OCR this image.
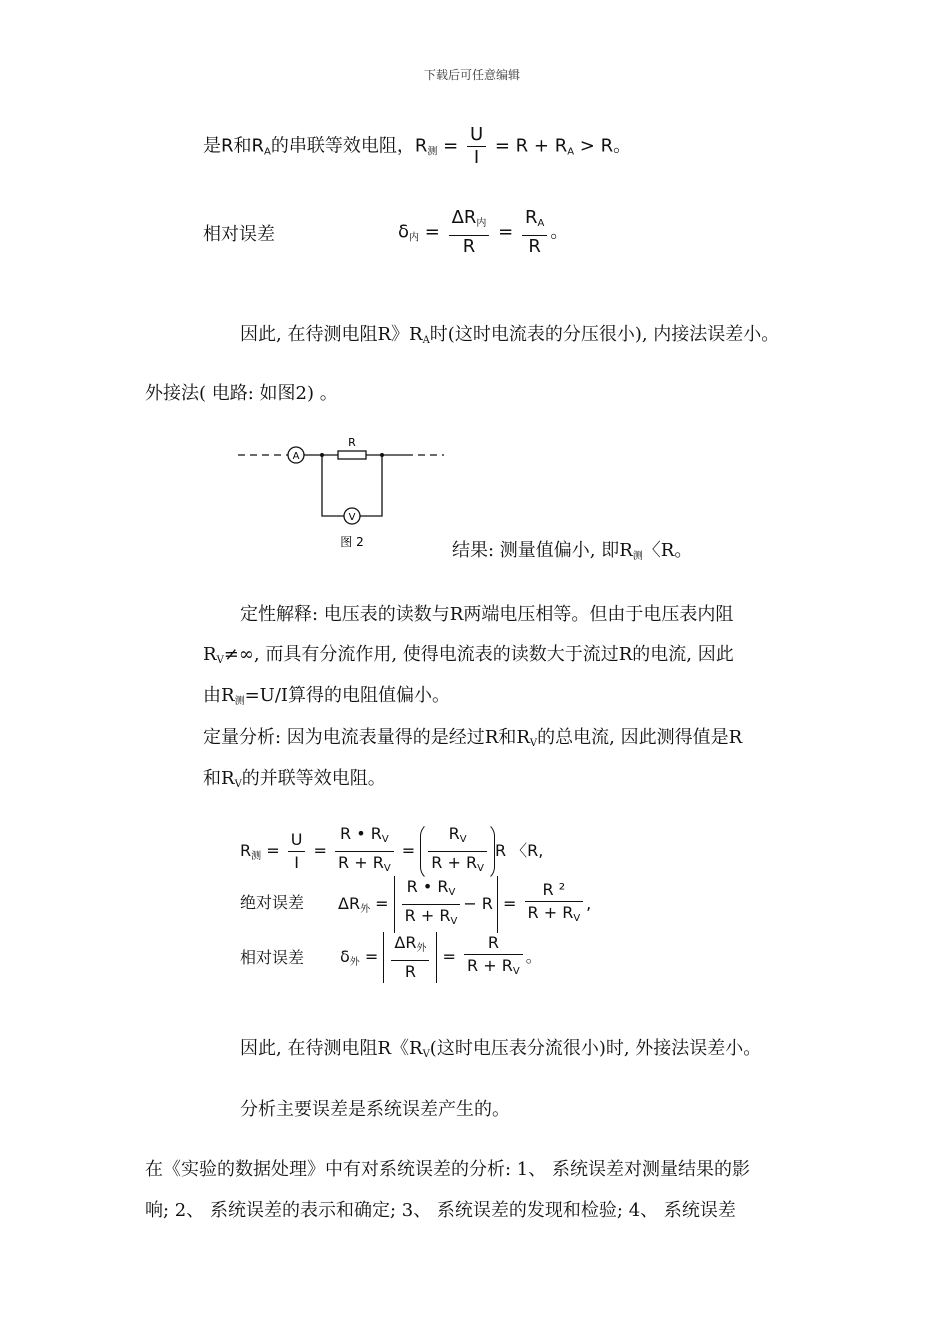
下载后可任意编辑
是R和$R_A$的串联等效电阻，$R_测 = \frac{U}{I} = R + R_A > R$。
相对误差	$\delta_内 = \frac{\Delta R_内}{R} = \frac{R_A}{R}$ 。
因此, 在待测电阻R》$R_A$时(这时电流表的分压很小), 内接法误差小。
外接法( 电路: 如图2) 。
A
R
V
图 2	结果: 测量值偏小, 即$R_测$〈R。
定性解释: 电压表的读数与R两端电压相等。但由于电压表内阻
$R_V\ne\infty$, 而具有分流作用, 使得电流表的读数大于流过R的电流, 因此
由$R_测=U/I$算得的电阻值偏小。
定量分析: 因为电流表量得的是经过R和$R_V$的总电流, 因此测得值是R
和$R_V$的并联等效电阻。
$R_测 = \frac{U}{I} = \frac{R • R_V}{R + R_V} = \frac{R_V}{R + R_V}$ R 〈R,
绝对误差 $\Delta R_外 = \frac{R • R_V}{R + R_V} - R = \frac{\text{R ²}}{R + R_V}$ ,
相对误差 $\delta_外 = \frac{\Delta R_外}{R} = \frac{R}{R + R_V}$ 。
因此, 在待测电阻R《$R_V$(这时电压表分流很小)时, 外接法误差小。
分析主要误差是系统误差产生的。
在《实验的数据处理》中有对系统误差的分析: 1、 系统误差对测量结果的影
响; 2、 系统误差的表示和确定; 3、 系统误差的发现和检验; 4、 系统误差
